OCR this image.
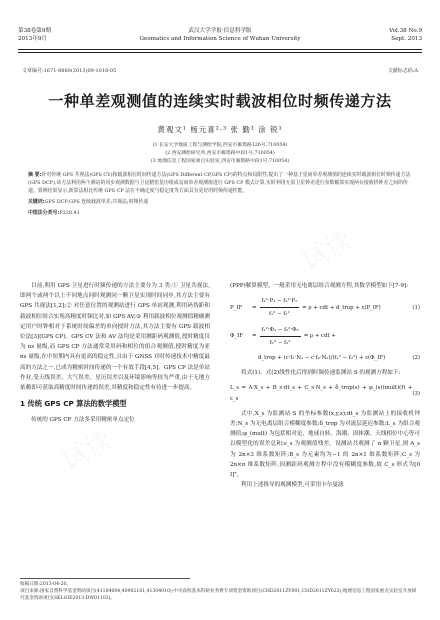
第38卷第9期
2013年9月
武汉大学学报·信息科学版
Geomatics and Information Science of Wuhan University
Vol.38 No.9
Sept. 2013
文章编号:1671-8860(2013)09-1018-05	文献标志码:A
一种单差观测值的连续实时载波相位时频传递方法
黄观文¹ 杨元喜²·³ 张 勤¹ 涂 锐¹
(1 长安大学地质工程与测绘学院,西安市雁塔路126号,710054)
(2 西安测绘研究所,西安市雁塔路中段1号,710054)
(3 地理信息工程国家重点实验室,西安市雁塔路中段1号,710054)

摘 要:针对传统 GPS 共视法(GPS CV)和载波相位时间传递方法(GPS Different CP,GPS CP)的特点和局限性,提出了一种基于星间单差观测值的连续实时载波相位时频传递方法(GPS DCP),该方法利用两个测站的同步观测数据与卫星精密星历组成站间单差观测值进行 GPS CP 模式计算,实时利用无需卫星钟差进行参数解算实现两台接收机钟差之间的传递。算例结果显示,新算法相比传统 GPS CP 法在不确定度与稳定度等方面具有更好的时频传递性能。

关键词:GPS DCP;GPS 连续载波单差;共视法;时频传递

中图法分类号:P228.41

目前,利用 GPS 卫星进行时频传递的方法主要分为 3 类:① 卫星共视法,即两个或两个以上不同地点同时观测同一颗卫星实现时间同步,其方法主要有 GPS 共视法[1,2];② 对任意位置的观测站进行 GPS 单站观测,利用码伪距和载波相位组合实现高精度时频比对,如 GPS AV;③ 利用载波相位观测值精确测定用户时钟相对于系统时间偏差的单向授时方法,其方法主要有 GPS 载波相位法[3](GPS CP)。GPS CV 法和 AV 法均是采用测距码观测值,授时精度仅为 ns 量级,而 GPS CP 方法通常采用码和相位的组合观测值,授时精度为亚 ns 量级,在中短期内具有更高的稳定性,且由于 GNSS 对时传递技术中精度最高的方法之一,已成为精密时间传递的一个有效手段[4,5]。GPS CP 法是单站作业,受天线误差、大气误差、星历误差以及环境影响等较为严重,由于无地方依赖即可获取高精度时间传递的误差,其精度和稳定性有待进一步提高。

1 传统 GPS CP 算法的数学模型

传统的 GPS CP 方法多采用精密单点定位

(PPP)解算模型。一般采用无电离层组合观测方程,其数学模型如下[7-9]:

P_IF	= $\frac{\text{f₁²·P₁ − f₂²·P₂}}{\text{f₁² − f₂²}} = \rho$ + cdt + d_trop + ε(P_IF)	(1)
Φ_IF	= $\frac{\text{f₁²·Φ₁ − f₂²·Φ₂}}{\text{f₁² − f₂²}} = \rho$ + cdt +
d_trop + (c·f₁·N₁ − c·f₂·N₂)/(f₁² − f₂²) + ε(Φ_IF)	(2)

将式(1)、式(2)线性化后得到时频传递监测站 S 的观测方程如下:

L_s = A·X_s + B_s·dt_s + C_s·N_s + δ_trop(s) + φ_(s)(mult)(f) + ε_s
(3)

式中,X_s 为监测站 S 的坐标参数(x,y,z);dt_s 为监测站上的接收机钟差;N_s 为无电离层组合模糊度参数;δ_trop 为对流层延迟参数;L_s 为组合观测值;φ_(mult) 为包括相对论、地球自转、海潮、固体潮、天线相位中心等可以模型化的误差总和;ε_s 为观测值残差。设测站共观测了 n 颗卫星,则 A_s 为 2n×3 维系数矩阵;B_s 为元素均为−1 的 2n×1 维系数矩阵;C_s 为 2n×n 维系数矩阵,因测距码观测方程中没有模糊度参数,故 C_s 形式为[0 I]ᵀ。

利用上述推导的观测模型,可采用卡尔曼滤

收稿日期:2013-04-20。
项目来源:国家自然科学基金资助项目(41104004,40902181,41304010);中央高校基本科研业务费专项资金资助项目(CHD2011ZY001,CHD2011ZY023);地理信息工程国家重点实验室开放研究基金资助项目(SKLGIE2013-DW01103)。
试读
试读
